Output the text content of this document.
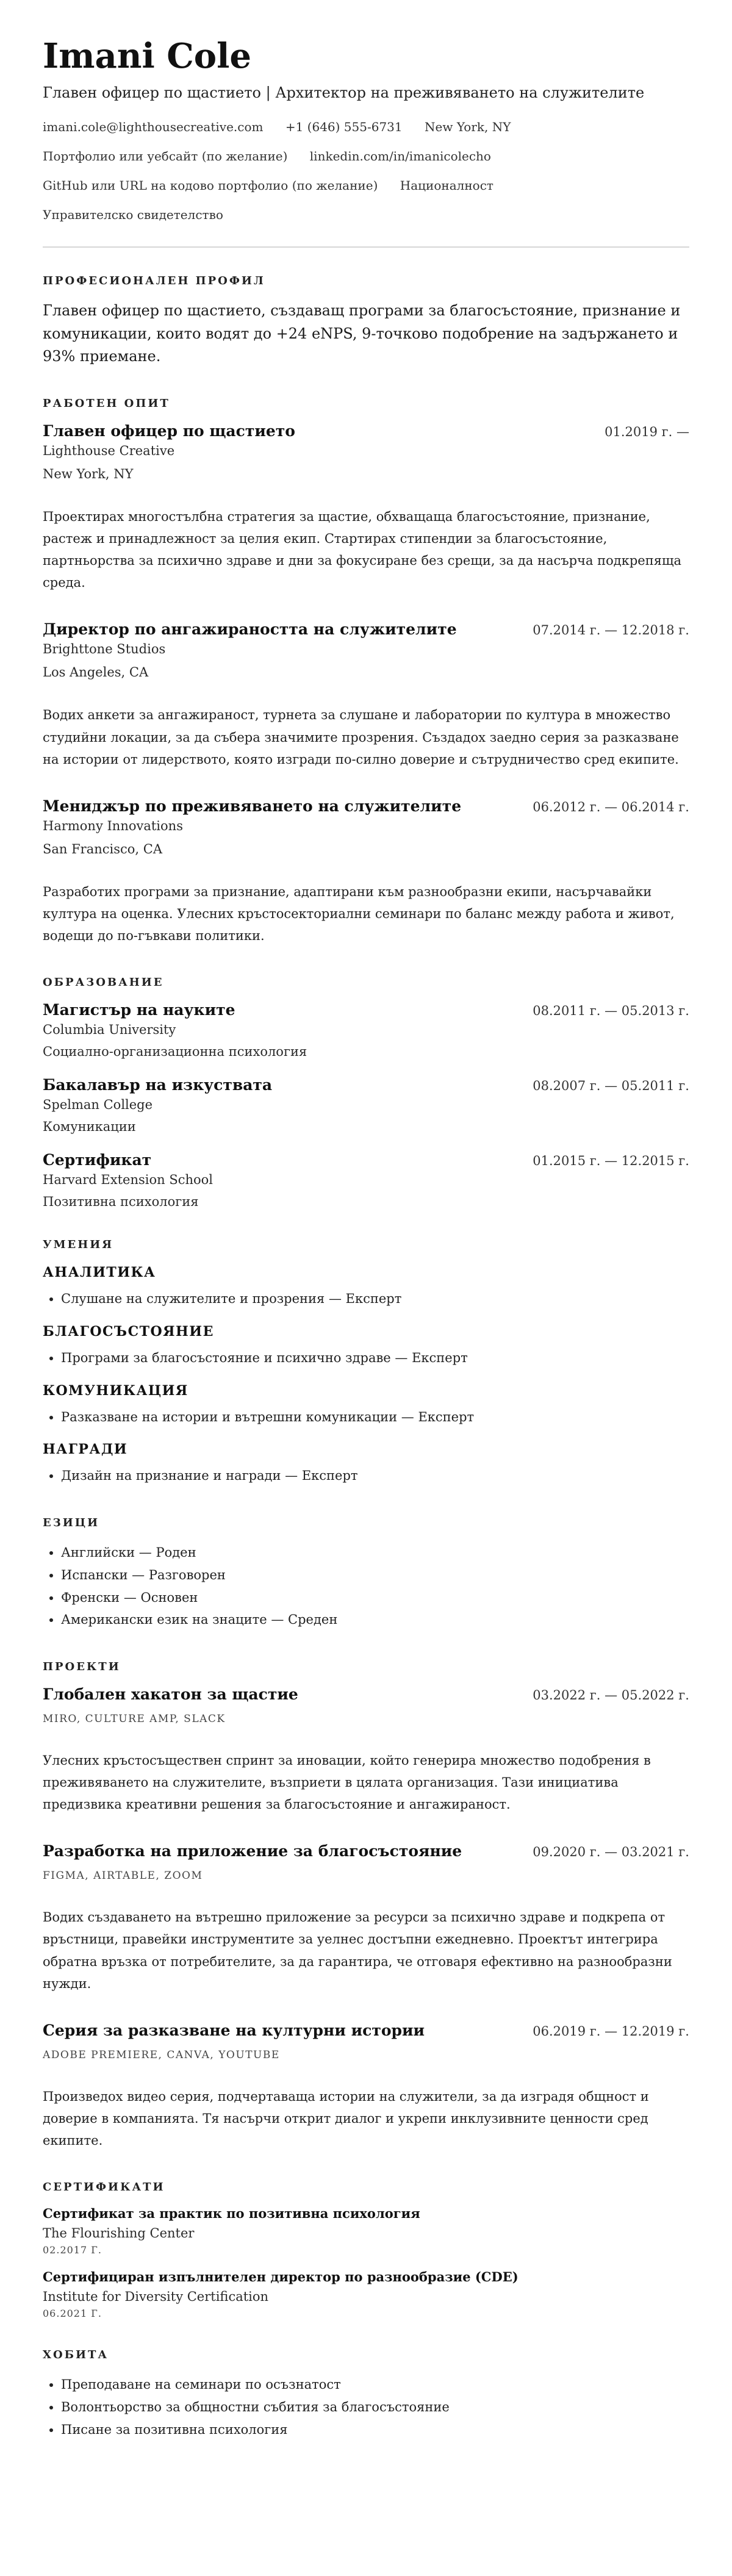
Imani Cole
Главен офицер по щастието | Архитектор на преживяването на служителите
imani.cole@lighthousecreative.com +1 (646) 555-6731 New York, NY
Портфолио или уебсайт (по желание) linkedin.com/in/imanicolecho
GitHub или URL на кодово портфолио (по желание) Националност
Управителско свидетелство
ПРОФЕСИОНАЛЕН ПРОФИЛ
Главен офицер по щастието, създаващ програми за благосъстояние, признание и комуникации, които водят до +24 eNPS, 9-точково подобрение на задържането и 93% приемане.
РАБОТЕН ОПИТ
Главен офицер по щастието	01.2019 г. —
Lighthouse Creative
New York, NY
Проектирах многостълбна стратегия за щастие, обхващаща благосъстояние, признание, растеж и принадлежност за целия екип. Стартирах стипендии за благосъстояние, партньорства за психично здраве и дни за фокусиране без срещи, за да насърча подкрепяща среда.
Директор по ангажираността на служителите	07.2014 г. — 12.2018 г.
Brighttone Studios
Los Angeles, CA
Водих анкети за ангажираност, турнета за слушане и лаборатории по култура в множество студийни локации, за да събера значимите прозрения. Създадох заедно серия за разказване на истории от лидерството, която изгради по-силно доверие и сътрудничество сред екипите.
Мениджър по преживяването на служителите	06.2012 г. — 06.2014 г.
Harmony Innovations
San Francisco, CA
Разработих програми за признание, адаптирани към разнообразни екипи, насърчавайки култура на оценка. Улесних кръстосекториални семинари по баланс между работа и живот, водещи до по-гъвкави политики.
ОБРАЗОВАНИЕ
Магистър на науките	08.2011 г. — 05.2013 г.
Columbia University
Социално-организационна психология
Бакалавър на изкуствата	08.2007 г. — 05.2011 г.
Spelman College
Комуникации
Сертификат	01.2015 г. — 12.2015 г.
Harvard Extension School
Позитивна психология
УМЕНИЯ
АНАЛИТИКА
• Слушане на служителите и прозрения — Експерт
БЛАГОСЪСТОЯНИЕ
• Програми за благосъстояние и психично здраве — Експерт
КОМУНИКАЦИЯ
• Разказване на истории и вътрешни комуникации — Експерт
НАГРАДИ
• Дизайн на признание и награди — Експерт
ЕЗИЦИ
• Английски — Роден
• Испански — Разговорен
• Френски — Основен
• Американски език на знаците — Среден
ПРОЕКТИ
Глобален хакатон за щастие	03.2022 г. — 05.2022 г.
MIRO, CULTURE AMP, SLACK
Улесних кръстосъществен спринт за иновации, който генерира множество подобрения в преживяването на служителите, възприети в цялата организация. Тази инициатива предизвика креативни решения за благосъстояние и ангажираност.
Разработка на приложение за благосъстояние	09.2020 г. — 03.2021 г.
FIGMA, AIRTABLE, ZOOM
Водих създаването на вътрешно приложение за ресурси за психично здраве и подкрепа от връстници, правейки инструментите за уелнес достъпни ежедневно. Проектът интегрира обратна връзка от потребителите, за да гарантира, че отговаря ефективно на разнообразни нужди.
Серия за разказване на културни истории	06.2019 г. — 12.2019 г.
ADOBE PREMIERE, CANVA, YOUTUBE
Произведох видео серия, подчертаваща истории на служители, за да изградя общност и доверие в компанията. Тя насърчи открит диалог и укрепи инклузивните ценности сред екипите.
СЕРТИФИКАТИ
Сертификат за практик по позитивна психология
The Flourishing Center
02.2017 Г.
Сертифициран изпълнителен директор по разнообразие (CDE)
Institute for Diversity Certification
06.2021 Г.
ХОБИТА
• Преподаване на семинари по осъзнатост
• Волонтьорство за общностни събития за благосъстояние
• Писане за позитивна психология
